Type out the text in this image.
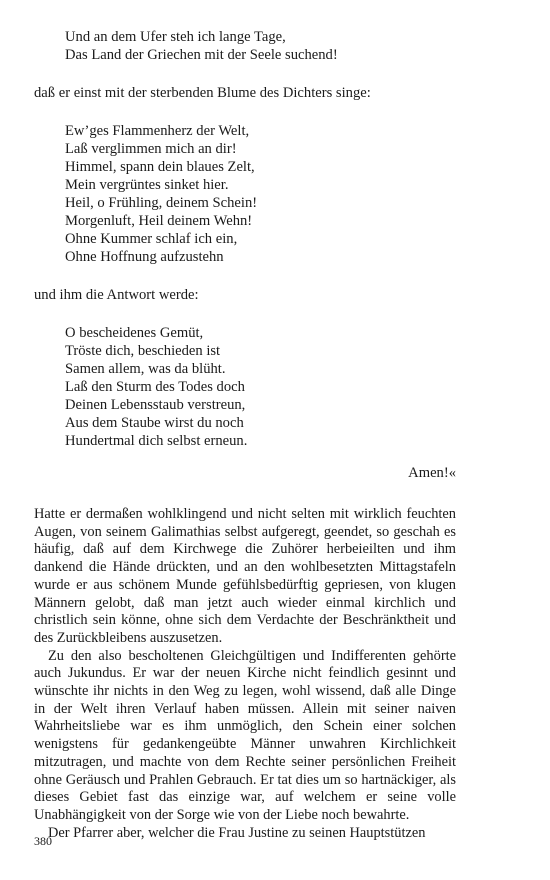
Und an dem Ufer steh ich lange Tage,
Das Land der Griechen mit der Seele suchend!
daß er einst mit der sterbenden Blume des Dichters singe:
Ew’ges Flammenherz der Welt,
Laß verglimmen mich an dir!
Himmel, spann dein blaues Zelt,
Mein vergrüntes sinket hier.
Heil, o Frühling, deinem Schein!
Morgenluft, Heil deinem Wehn!
Ohne Kummer schlaf ich ein,
Ohne Hoffnung aufzustehn
und ihm die Antwort werde:
O bescheidenes Gemüt,
Tröste dich, beschieden ist
Samen allem, was da blüht.
Laß den Sturm des Todes doch
Deinen Lebensstaub verstreun,
Aus dem Staube wirst du noch
Hundertmal dich selbst erneun.
Amen!«

Hatte er dermaßen wohlklingend und nicht selten mit wirklich feuchten Augen, von seinem Galimathias selbst aufgeregt, geendet, so geschah es häufig, daß auf dem Kirchwege die Zuhörer herbeieilten und ihm dankend die Hände drückten, und an den wohlbesetzten Mittagstafeln wurde er aus schönem Munde gefühlsbedürftig gepriesen, von klugen Männern gelobt, daß man jetzt auch wieder einmal kirchlich und christlich sein könne, ohne sich dem Verdachte der Beschränktheit und des Zurückbleibens auszusetzen.

Zu den also bescholtenen Gleichgültigen und Indifferenten gehörte auch Jukundus. Er war der neuen Kirche nicht feindlich gesinnt und wünschte ihr nichts in den Weg zu legen, wohl wissend, daß alle Dinge in der Welt ihren Verlauf haben müssen. Allein mit seiner naiven Wahrheitsliebe war es ihm unmöglich, den Schein einer solchen wenigstens für gedankengeübte Männer unwahren Kirchlichkeit mitzutragen, und machte von dem Rechte seiner persönlichen Freiheit ohne Geräusch und Prahlen Gebrauch. Er tat dies um so hartnäckiger, als dieses Gebiet fast das einzige war, auf welchem er seine volle Unabhängigkeit von der Sorge wie von der Liebe noch bewahrte.

Der Pfarrer aber, welcher die Frau Justine zu seinen Hauptstützen

380
